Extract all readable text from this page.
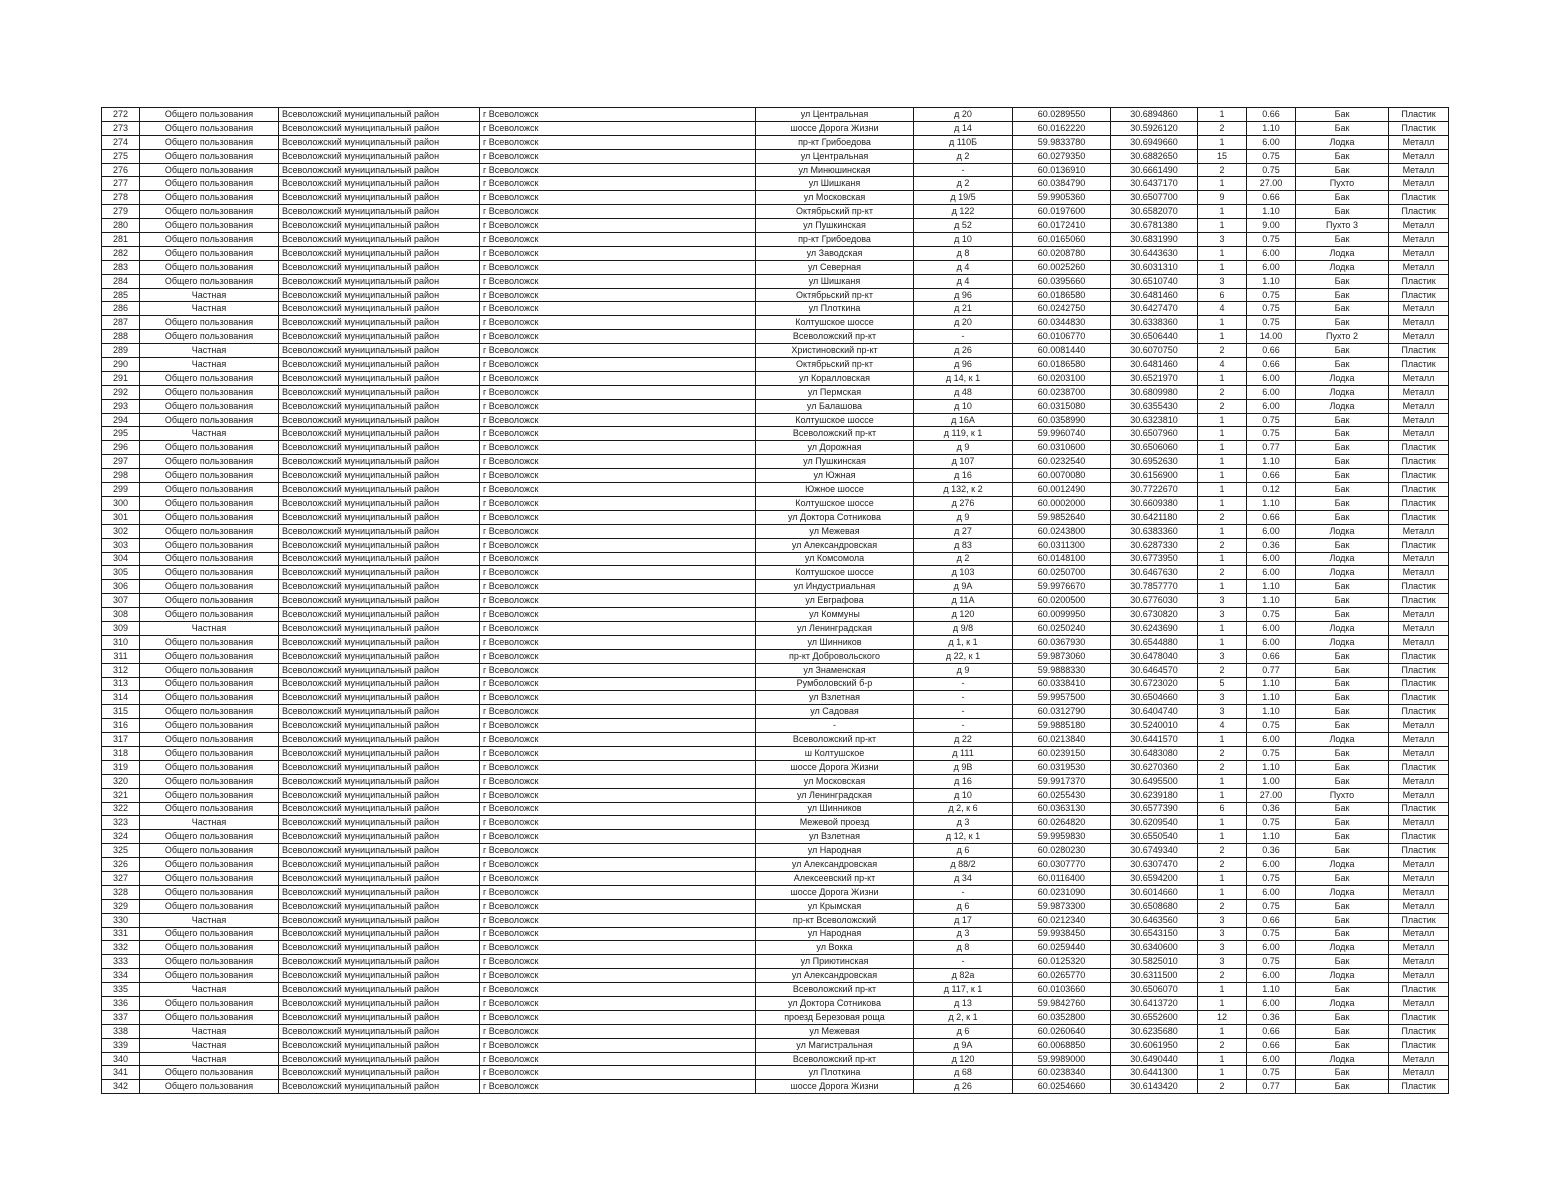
272	Общего пользования	Всеволожский муниципальный район	г Всеволожск	ул Центральная	д 20	60.0289550	30.6894860	1	0.66	Бак	Пластик
273	Общего пользования	Всеволожский муниципальный район	г Всеволожск	шоссе Дорога Жизни	д 14	60.0162220	30.5926120	2	1.10	Бак	Пластик
274	Общего пользования	Всеволожский муниципальный район	г Всеволожск	пр-кт Грибоедова	д 110Б	59.9833780	30.6949660	1	6.00	Лодка	Металл
275	Общего пользования	Всеволожский муниципальный район	г Всеволожск	ул Центральная	д 2	60.0279350	30.6882650	15	0.75	Бак	Металл
276	Общего пользования	Всеволожский муниципальный район	г Всеволожск	ул Минюшинская	-	60.0136910	30.6661490	2	0.75	Бак	Металл
277	Общего пользования	Всеволожский муниципальный район	г Всеволожск	ул Шишканя	д 2	60.0384790	30.6437170	1	27.00	Пухто	Металл
278	Общего пользования	Всеволожский муниципальный район	г Всеволожск	ул Московская	д 19/5	59.9905360	30.6507700	9	0.66	Бак	Пластик
279	Общего пользования	Всеволожский муниципальный район	г Всеволожск	Октябрьский пр-кт	д 122	60.0197600	30.6582070	1	1.10	Бак	Пластик
280	Общего пользования	Всеволожский муниципальный район	г Всеволожск	ул Пушкинская	д 52	60.0172410	30.6781380	1	9.00	Пухто 3	Металл
281	Общего пользования	Всеволожский муниципальный район	г Всеволожск	пр-кт Грибоедова	д 10	60.0165060	30.6831990	3	0.75	Бак	Металл
282	Общего пользования	Всеволожский муниципальный район	г Всеволожск	ул Заводская	д 8	60.0208780	30.6443630	1	6.00	Лодка	Металл
283	Общего пользования	Всеволожский муниципальный район	г Всеволожск	ул Северная	д 4	60.0025260	30.6031310	1	6.00	Лодка	Металл
284	Общего пользования	Всеволожский муниципальный район	г Всеволожск	ул Шишканя	д 4	60.0395660	30.6510740	3	1.10	Бак	Пластик
285	Частная	Всеволожский муниципальный район	г Всеволожск	Октябрьский пр-кт	д 96	60.0186580	30.6481460	6	0.75	Бак	Пластик
286	Частная	Всеволожский муниципальный район	г Всеволожск	ул Плоткина	д 21	60.0242750	30.6427470	4	0.75	Бак	Металл
287	Общего пользования	Всеволожский муниципальный район	г Всеволожск	Колтушское шоссе	д 20	60.0344830	30.6338360	1	0.75	Бак	Металл
288	Общего пользования	Всеволожский муниципальный район	г Всеволожск	Всеволожский пр-кт	-	60.0106770	30.6506440	1	14.00	Пухто 2	Металл
289	Частная	Всеволожский муниципальный район	г Всеволожск	Христиновский пр-кт	д 26	60.0081440	30.6070750	2	0.66	Бак	Пластик
290	Частная	Всеволожский муниципальный район	г Всеволожск	Октябрьский пр-кт	д 96	60.0186580	30.6481460	4	0.66	Бак	Пластик
291	Общего пользования	Всеволожский муниципальный район	г Всеволожск	ул Коралловская	д 14, к 1	60.0203100	30.6521970	1	6.00	Лодка	Металл
292	Общего пользования	Всеволожский муниципальный район	г Всеволожск	ул Пермская	д 48	60.0238700	30.6809980	2	6.00	Лодка	Металл
293	Общего пользования	Всеволожский муниципальный район	г Всеволожск	ул Балашова	д 10	60.0315080	30.6355430	2	6.00	Лодка	Металл
294	Общего пользования	Всеволожский муниципальный район	г Всеволожск	Колтушское шоссе	д 16А	60.0358990	30.6323810	1	0.75	Бак	Металл
295	Частная	Всеволожский муниципальный район	г Всеволожск	Всеволожский пр-кт	д 119, к 1	59.9960740	30.6507960	1	0.75	Бак	Металл
296	Общего пользования	Всеволожский муниципальный район	г Всеволожск	ул Дорожная	д 9	60.0310600	30.6506060	1	0.77	Бак	Пластик
297	Общего пользования	Всеволожский муниципальный район	г Всеволожск	ул Пушкинская	д 107	60.0232540	30.6952630	1	1.10	Бак	Пластик
298	Общего пользования	Всеволожский муниципальный район	г Всеволожск	ул Южная	д 16	60.0070080	30.6156900	1	0.66	Бак	Пластик
299	Общего пользования	Всеволожский муниципальный район	г Всеволожск	Южное шоссе	д 132, к 2	60.0012490	30.7722670	1	0.12	Бак	Пластик
300	Общего пользования	Всеволожский муниципальный район	г Всеволожск	Колтушское шоссе	д 276	60.0002000	30.6609380	1	1.10	Бак	Пластик
301	Общего пользования	Всеволожский муниципальный район	г Всеволожск	ул Доктора Сотникова	д 9	59.9852640	30.6421180	2	0.66	Бак	Пластик
302	Общего пользования	Всеволожский муниципальный район	г Всеволожск	ул Межевая	д 27	60.0243800	30.6383360	1	6.00	Лодка	Металл
303	Общего пользования	Всеволожский муниципальный район	г Всеволожск	ул Александровская	д 83	60.0311300	30.6287330	2	0.36	Бак	Пластик
304	Общего пользования	Всеволожский муниципальный район	г Всеволожск	ул Комсомола	д 2	60.0148100	30.6773950	1	6.00	Лодка	Металл
305	Общего пользования	Всеволожский муниципальный район	г Всеволожск	Колтушское шоссе	д 103	60.0250700	30.6467630	2	6.00	Лодка	Металл
306	Общего пользования	Всеволожский муниципальный район	г Всеволожск	ул Индустриальная	д 9А	59.9976670	30.7857770	1	1.10	Бак	Пластик
307	Общего пользования	Всеволожский муниципальный район	г Всеволожск	ул Евграфова	д 11А	60.0200500	30.6776030	3	1.10	Бак	Пластик
308	Общего пользования	Всеволожский муниципальный район	г Всеволожск	ул Коммуны	д 120	60.0099950	30.6730820	3	0.75	Бак	Металл
309	Частная	Всеволожский муниципальный район	г Всеволожск	ул Ленинградская	д 9/8	60.0250240	30.6243690	1	6.00	Лодка	Металл
310	Общего пользования	Всеволожский муниципальный район	г Всеволожск	ул Шинников	д 1, к 1	60.0367930	30.6544880	1	6.00	Лодка	Металл
311	Общего пользования	Всеволожский муниципальный район	г Всеволожск	пр-кт Добровольского	д 22, к 1	59.9873060	30.6478040	3	0.66	Бак	Пластик
312	Общего пользования	Всеволожский муниципальный район	г Всеволожск	ул Знаменская	д 9	59.9888330	30.6464570	2	0.77	Бак	Пластик
313	Общего пользования	Всеволожский муниципальный район	г Всеволожск	Румболовский б-р	-	60.0338410	30.6723020	5	1.10	Бак	Пластик
314	Общего пользования	Всеволожский муниципальный район	г Всеволожск	ул Взлетная	-	59.9957500	30.6504660	3	1.10	Бак	Пластик
315	Общего пользования	Всеволожский муниципальный район	г Всеволожск	ул Садовая	-	60.0312790	30.6404740	3	1.10	Бак	Пластик
316	Общего пользования	Всеволожский муниципальный район	г Всеволожск	-	-	59.9885180	30.5240010	4	0.75	Бак	Металл
317	Общего пользования	Всеволожский муниципальный район	г Всеволожск	Всеволожский пр-кт	д 22	60.0213840	30.6441570	1	6.00	Лодка	Металл
318	Общего пользования	Всеволожский муниципальный район	г Всеволожск	ш Колтушское	д 111	60.0239150	30.6483080	2	0.75	Бак	Металл
319	Общего пользования	Всеволожский муниципальный район	г Всеволожск	шоссе Дорога Жизни	д 9В	60.0319530	30.6270360	2	1.10	Бак	Пластик
320	Общего пользования	Всеволожский муниципальный район	г Всеволожск	ул Московская	д 16	59.9917370	30.6495500	1	1.00	Бак	Металл
321	Общего пользования	Всеволожский муниципальный район	г Всеволожск	ул Ленинградская	д 10	60.0255430	30.6239180	1	27.00	Пухто	Металл
322	Общего пользования	Всеволожский муниципальный район	г Всеволожск	ул Шинников	д 2, к 6	60.0363130	30.6577390	6	0.36	Бак	Пластик
323	Частная	Всеволожский муниципальный район	г Всеволожск	Межевой проезд	д 3	60.0264820	30.6209540	1	0.75	Бак	Металл
324	Общего пользования	Всеволожский муниципальный район	г Всеволожск	ул Взлетная	д 12, к 1	59.9959830	30.6550540	1	1.10	Бак	Пластик
325	Общего пользования	Всеволожский муниципальный район	г Всеволожск	ул Народная	д 6	60.0280230	30.6749340	2	0.36	Бак	Пластик
326	Общего пользования	Всеволожский муниципальный район	г Всеволожск	ул Александровская	д 88/2	60.0307770	30.6307470	2	6.00	Лодка	Металл
327	Общего пользования	Всеволожский муниципальный район	г Всеволожск	Алексеевский пр-кт	д 34	60.0116400	30.6594200	1	0.75	Бак	Металл
328	Общего пользования	Всеволожский муниципальный район	г Всеволожск	шоссе Дорога Жизни	-	60.0231090	30.6014660	1	6.00	Лодка	Металл
329	Общего пользования	Всеволожский муниципальный район	г Всеволожск	ул Крымская	д 6	59.9873300	30.6508680	2	0.75	Бак	Металл
330	Частная	Всеволожский муниципальный район	г Всеволожск	пр-кт Всеволожский	д 17	60.0212340	30.6463560	3	0.66	Бак	Пластик
331	Общего пользования	Всеволожский муниципальный район	г Всеволожск	ул Народная	д 3	59.9938450	30.6543150	3	0.75	Бак	Металл
332	Общего пользования	Всеволожский муниципальный район	г Всеволожск	ул Вокка	д 8	60.0259440	30.6340600	3	6.00	Лодка	Металл
333	Общего пользования	Всеволожский муниципальный район	г Всеволожск	ул Приютинская	-	60.0125320	30.5825010	3	0.75	Бак	Металл
334	Общего пользования	Всеволожский муниципальный район	г Всеволожск	ул Александровская	д 82а	60.0265770	30.6311500	2	6.00	Лодка	Металл
335	Частная	Всеволожский муниципальный район	г Всеволожск	Всеволожский пр-кт	д 117, к 1	60.0103660	30.6506070	1	1.10	Бак	Пластик
336	Общего пользования	Всеволожский муниципальный район	г Всеволожск	ул Доктора Сотникова	д 13	59.9842760	30.6413720	1	6.00	Лодка	Металл
337	Общего пользования	Всеволожский муниципальный район	г Всеволожск	проезд Березовая роща	д 2, к 1	60.0352800	30.6552600	12	0.36	Бак	Пластик
338	Частная	Всеволожский муниципальный район	г Всеволожск	ул Межевая	д 6	60.0260640	30.6235680	1	0.66	Бак	Пластик
339	Частная	Всеволожский муниципальный район	г Всеволожск	ул Магистральная	д 9А	60.0068850	30.6061950	2	0.66	Бак	Пластик
340	Частная	Всеволожский муниципальный район	г Всеволожск	Всеволожский пр-кт	д 120	59.9989000	30.6490440	1	6.00	Лодка	Металл
341	Общего пользования	Всеволожский муниципальный район	г Всеволожск	ул Плоткина	д 68	60.0238340	30.6441300	1	0.75	Бак	Металл
342	Общего пользования	Всеволожский муниципальный район	г Всеволожск	шоссе Дорога Жизни	д 26	60.0254660	30.6143420	2	0.77	Бак	Пластик
